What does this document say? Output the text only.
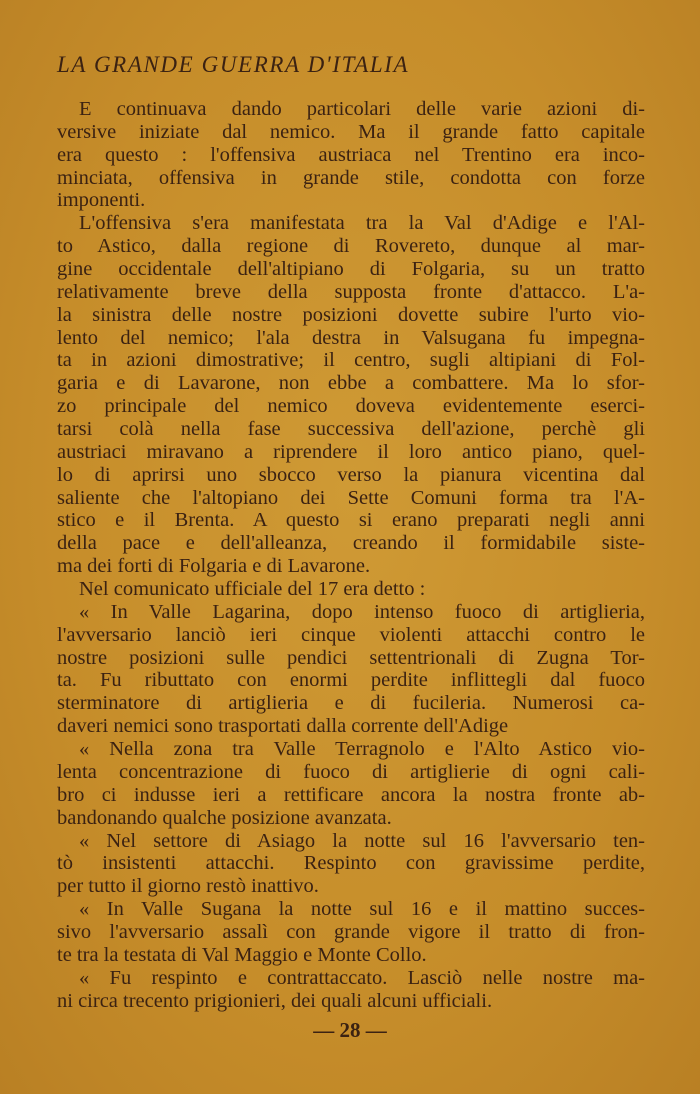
LA GRANDE GUERRA D'ITALIA
E continuava dando particolari delle varie azioni di-
versive iniziate dal nemico. Ma il grande fatto capitale
era questo : l'offensiva austriaca nel Trentino era inco-
minciata, offensiva in grande stile, condotta con forze
imponenti.
L'offensiva s'era manifestata tra la Val d'Adige e l'Al-
to Astico, dalla regione di Rovereto, dunque al mar-
gine occidentale dell'altipiano di Folgaria, su un tratto
relativamente breve della supposta fronte d'attacco. L'a-
la sinistra delle nostre posizioni dovette subire l'urto vio-
lento del nemico; l'ala destra in Valsugana fu impegna-
ta in azioni dimostrative; il centro, sugli altipiani di Fol-
garia e di Lavarone, non ebbe a combattere. Ma lo sfor-
zo principale del nemico doveva evidentemente eserci-
tarsi colà nella fase successiva dell'azione, perchè gli
austriaci miravano a riprendere il loro antico piano, quel-
lo di aprirsi uno sbocco verso la pianura vicentina dal
saliente che l'altopiano dei Sette Comuni forma tra l'A-
stico e il Brenta. A questo si erano preparati negli anni
della pace e dell'alleanza, creando il formidabile siste-
ma dei forti di Folgaria e di Lavarone.
Nel comunicato ufficiale del 17 era detto :
« In Valle Lagarina, dopo intenso fuoco di artiglieria,
l'avversario lanciò ieri cinque violenti attacchi contro le
nostre posizioni sulle pendici settentrionali di Zugna Tor-
ta. Fu ributtato con enormi perdite inflittegli dal fuoco
sterminatore di artiglieria e di fucileria. Numerosi ca-
daveri nemici sono trasportati dalla corrente dell'Adige
« Nella zona tra Valle Terragnolo e l'Alto Astico vio-
lenta concentrazione di fuoco di artiglierie di ogni cali-
bro ci indusse ieri a rettificare ancora la nostra fronte ab-
bandonando qualche posizione avanzata.
« Nel settore di Asiago la notte sul 16 l'avversario ten-
tò insistenti attacchi. Respinto con gravissime perdite,
per tutto il giorno restò inattivo.
« In Valle Sugana la notte sul 16 e il mattino succes-
sivo l'avversario assalì con grande vigore il tratto di fron-
te tra la testata di Val Maggio e Monte Collo.
« Fu respinto e contrattaccato. Lasciò nelle nostre ma-
ni circa trecento prigionieri, dei quali alcuni ufficiali.
— 28 —
